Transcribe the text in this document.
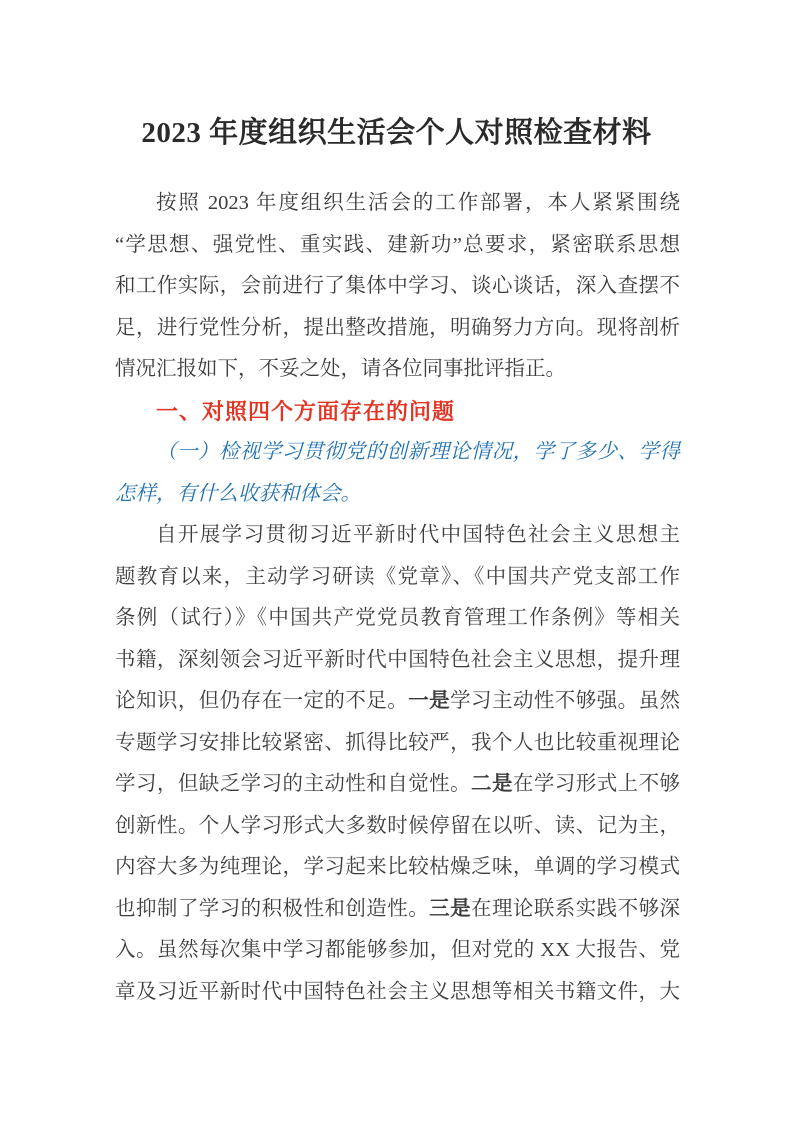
2023 年度组织生活会个人对照检查材料
按照 2023 年度组织生活会的工作部署，本人紧紧围绕
“学思想、强党性、重实践、建新功”总要求，紧密联系思想
和工作实际，会前进行了集体中学习、谈心谈话，深入查摆不
足，进行党性分析，提出整改措施，明确努力方向。现将剖析
情况汇报如下，不妥之处，请各位同事批评指正。
一、对照四个方面存在的问题
（一）检视学习贯彻党的创新理论情况，学了多少、学得
怎样，有什么收获和体会。
自开展学习贯彻习近平新时代中国特色社会主义思想主
题教育以来，主动学习研读《党章》、《中国共产党支部工作
条例（试行）》《中国共产党党员教育管理工作条例》等相关
书籍，深刻领会习近平新时代中国特色社会主义思想，提升理
论知识，但仍存在一定的不足。一是学习主动性不够强。虽然
专题学习安排比较紧密、抓得比较严，我个人也比较重视理论
学习，但缺乏学习的主动性和自觉性。二是在学习形式上不够
创新性。个人学习形式大多数时候停留在以听、读、记为主，
内容大多为纯理论，学习起来比较枯燥乏味，单调的学习模式
也抑制了学习的积极性和创造性。三是在理论联系实践不够深
入。虽然每次集中学习都能够参加，但对党的 XX 大报告、党
章及习近平新时代中国特色社会主义思想等相关书籍文件，大
